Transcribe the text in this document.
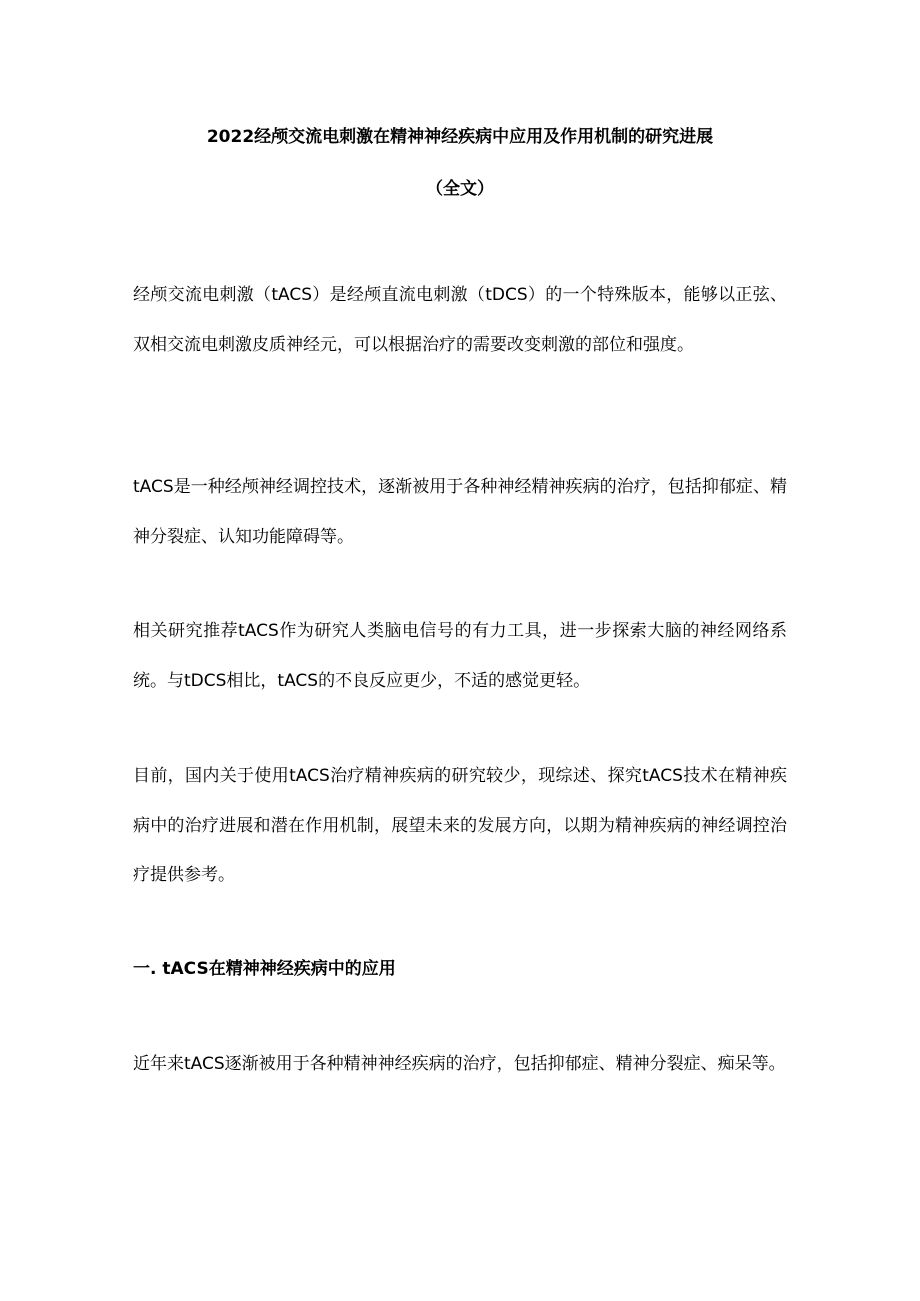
2022经颅交流电刺激在精神神经疾病中应用及作用机制的研究进展
（全文）

经颅交流电刺激（tACS）是经颅直流电刺激（tDCS）的一个特殊版本，能够以正弦、双相交流电刺激皮质神经元，可以根据治疗的需要改变刺激的部位和强度。

tACS是一种经颅神经调控技术，逐渐被用于各种神经精神疾病的治疗，包括抑郁症、精神分裂症、认知功能障碍等。

相关研究推荐tACS作为研究人类脑电信号的有力工具，进一步探索大脑的神经网络系统。与tDCS相比，tACS的不良反应更少，不适的感觉更轻。

目前，国内关于使用tACS治疗精神疾病的研究较少，现综述、探究tACS技术在精神疾病中的治疗进展和潜在作用机制，展望未来的发展方向，以期为精神疾病的神经调控治疗提供参考。

一. tACS在精神神经疾病中的应用

近年来tACS逐渐被用于各种精神神经疾病的治疗，包括抑郁症、精神分裂症、痴呆等。
